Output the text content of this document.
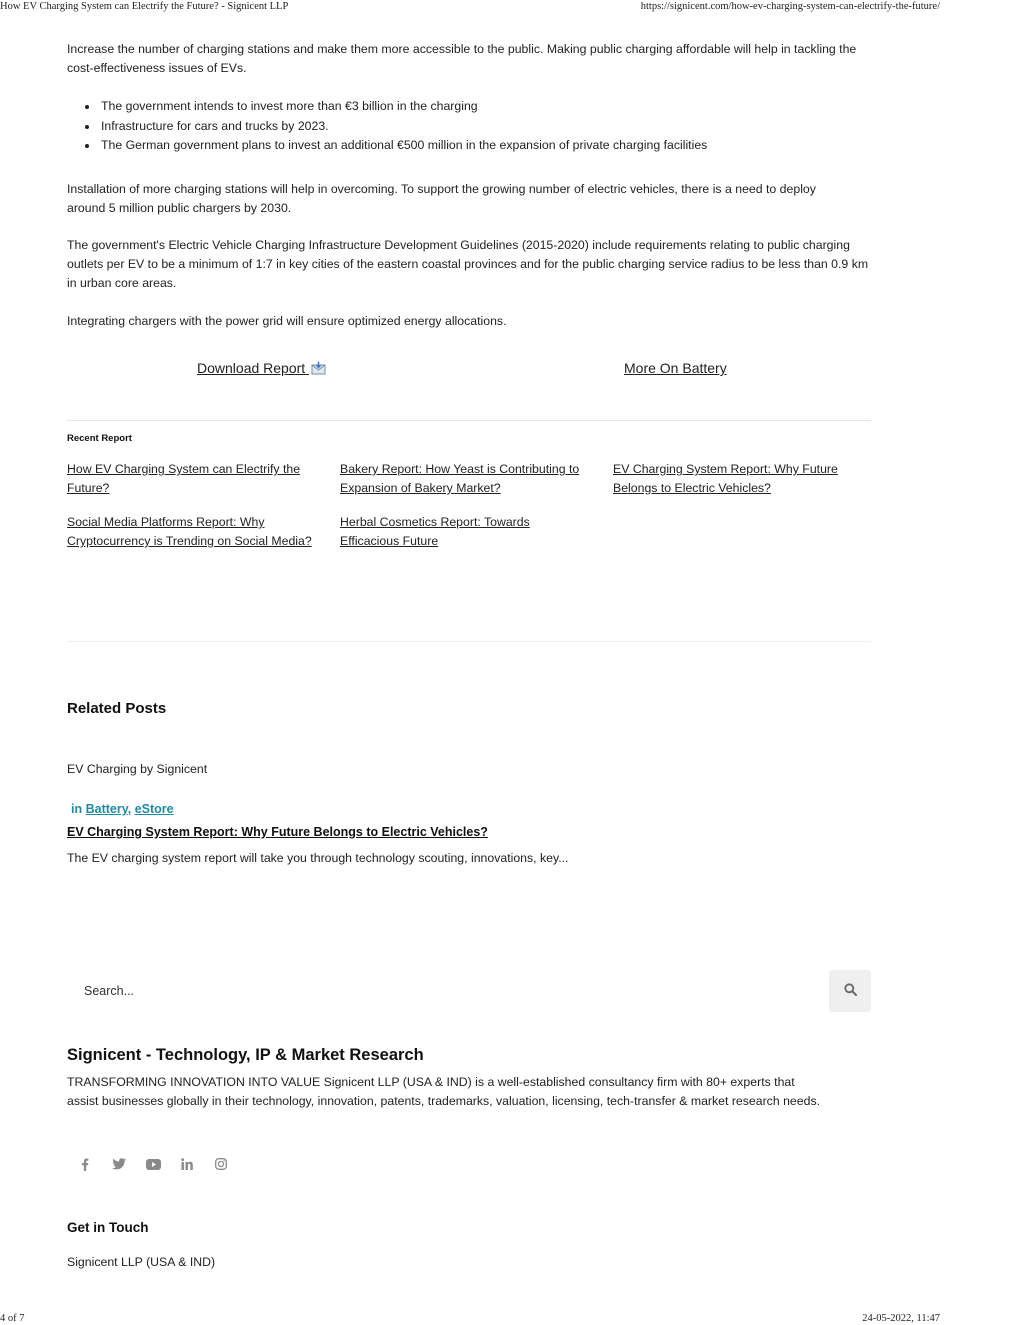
How EV Charging System can Electrify the Future? - Signicent LLP	https://signicent.com/how-ev-charging-system-can-electrify-the-future/

Increase the number of charging stations and make them more accessible to the public. Making public charging affordable will help in tackling the cost-effectiveness issues of EVs.

• The government intends to invest more than €3 billion in the charging
• Infrastructure for cars and trucks by 2023.
• The German government plans to invest an additional €500 million in the expansion of private charging facilities

Installation of more charging stations will help in overcoming. To support the growing number of electric vehicles, there is a need to deploy around 5 million public chargers by 2030.

The government's Electric Vehicle Charging Infrastructure Development Guidelines (2015-2020) include requirements relating to public charging outlets per EV to be a minimum of 1:7 in key cities of the eastern coastal provinces and for the public charging service radius to be less than 0.9 km in urban core areas.

Integrating chargers with the power grid will ensure optimized energy allocations.

Download Report	More On Battery
Recent Report
How EV Charging System can Electrify the Future?
Bakery Report: How Yeast is Contributing to Expansion of Bakery Market?
EV Charging System Report: Why Future Belongs to Electric Vehicles?
Social Media Platforms Report: Why Cryptocurrency is Trending on Social Media?
Herbal Cosmetics Report: Towards Efficacious Future
Related Posts
EV Charging by Signicent
in Battery, eStore
EV Charging System Report: Why Future Belongs to Electric Vehicles?
The EV charging system report will take you through technology scouting, innovations, key...
Search...
Signicent - Technology, IP & Market Research

TRANSFORMING INNOVATION INTO VALUE Signicent LLP (USA & IND) is a well-established consultancy firm with 80+ experts that assist businesses globally in their technology, innovation, patents, trademarks, valuation, licensing, tech-transfer & market research needs.

Get in Touch
Signicent LLP (USA & IND)
4 of 7	24-05-2022, 11:47
